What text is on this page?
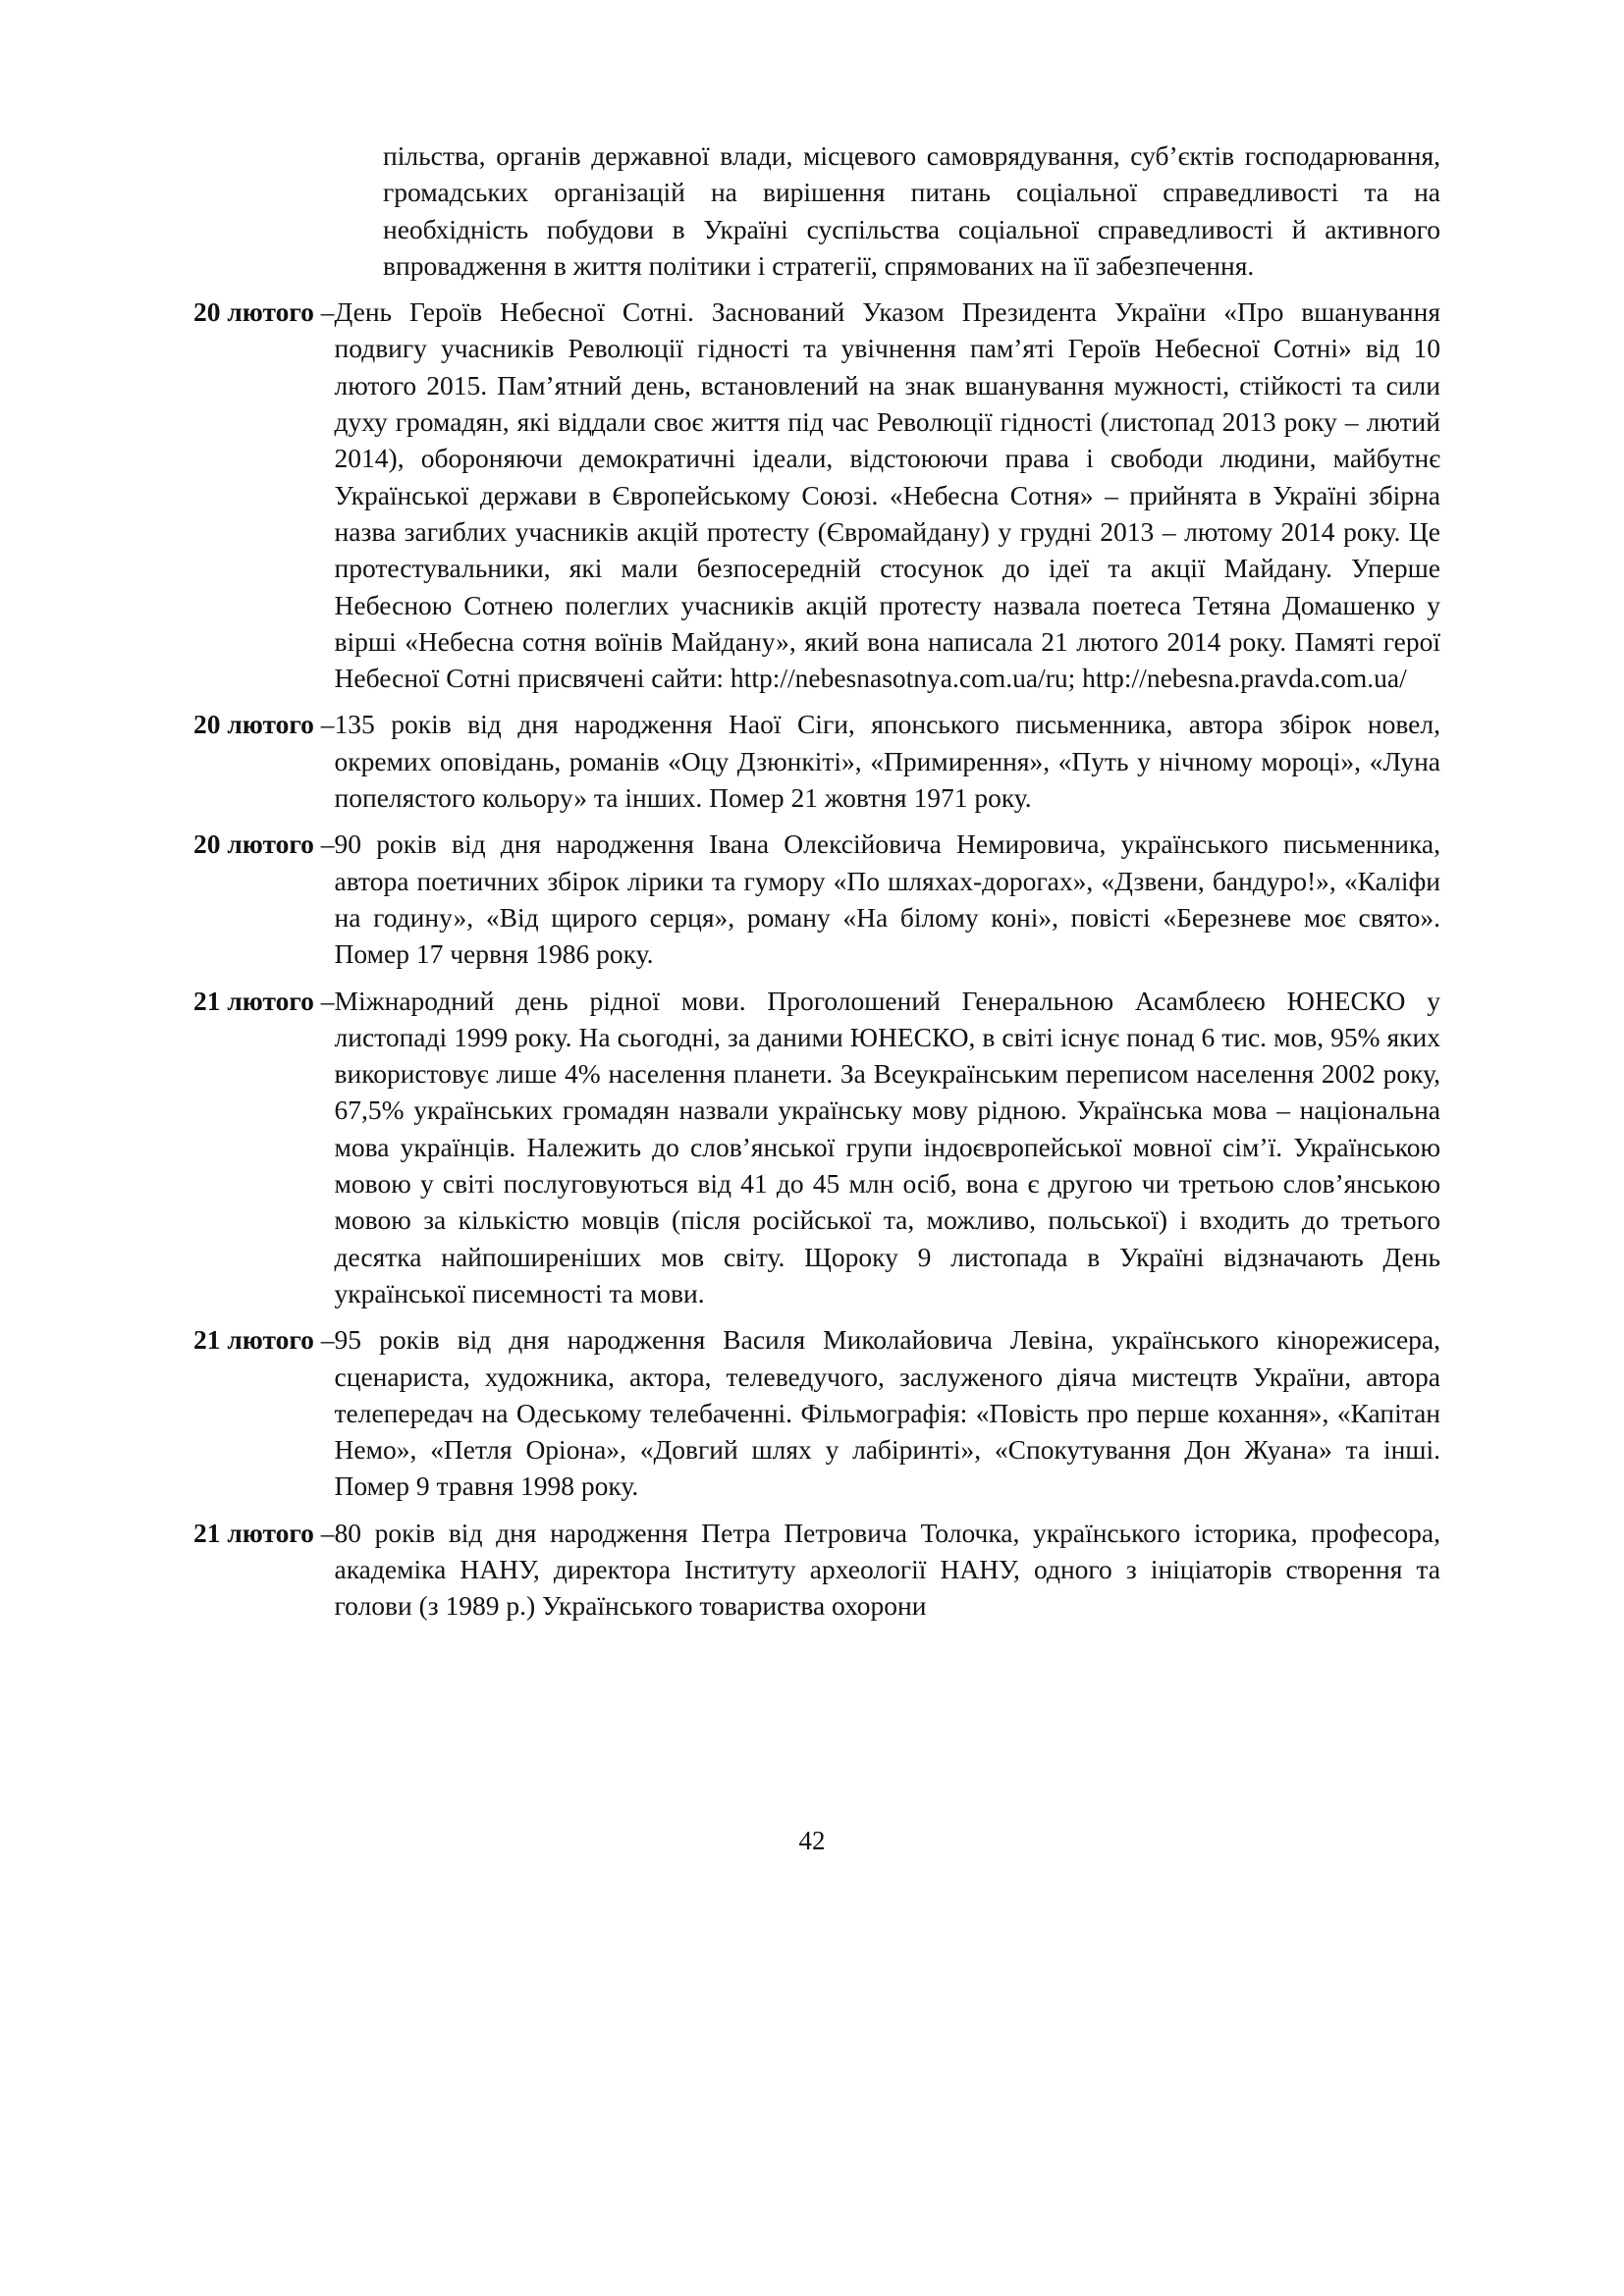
пільства, органів державної влади, місцевого самоврядування, суб’єктів господарювання, громадських організацій на вирішення питань соціальної справедливості та на необхідність побудови в Україні суспільства соціальної справедливості й активного впровадження в життя політики і стратегії, спрямованих на її забезпечення.
20 лютого – День Героїв Небесної Сотні. Заснований Указом Президента України «Про вшанування подвигу учасників Революції гідності та увічнення пам’яті Героїв Небесної Сотні» від 10 лютого 2015. Пам’ятний день, встановлений на знак вшанування мужності, стійкості та сили духу громадян, які віддали своє життя під час Революції гідності (листопад 2013 року – лютий 2014), обороняючи демократичні ідеали, відстоюючи права і свободи людини, майбутнє Української держави в Європейському Союзі. «Небесна Сотня» – прийнята в Україні збірна назва загиблих учасників акцій протесту (Євромайдану) у грудні 2013 – лютому 2014 року. Це протестувальники, які мали безпосередній стосунок до ідеї та акції Майдану. Уперше Небесною Сотнею полеглих учасників акцій протесту назвала поетеса Тетяна Домашенко у вірші «Небесна сотня воїнів Майдану», який вона написала 21 лютого 2014 року. Памяті герої Небесної Сотні присвячені сайти: http://nebesnasotnya.com.ua/ru; http://nebesna.pravda.com.ua/
20 лютого – 135 років від дня народження Наої Сіги, японського письменника, автора збірок новел, окремих оповідань, романів «Оцу Дзюнкіті», «Примирення», «Путь у нічному мороці», «Луна попелястого кольору» та інших. Помер 21 жовтня 1971 року.
20 лютого – 90 років від дня народження Івана Олексійовича Немировича, українського письменника, автора поетичних збірок лірики та гумору «По шляхах-дорогах», «Дзвени, бандуро!», «Каліфи на годину», «Від щирого серця», роману «На білому коні», повісті «Березневе моє свято». Помер 17 червня 1986 року.
21 лютого – Міжнародний день рідної мови. Проголошений Генеральною Асамблеєю ЮНЕСКО у листопаді 1999 року. На сьогодні, за даними ЮНЕСКО, в світі існує понад 6 тис. мов, 95% яких використовує лише 4% населення планети. За Всеукраїнським переписом населення 2002 року, 67,5% українських громадян назвали українську мову рідною. Українська мова – національна мова українців. Належить до слов’янської групи індоєвропейської мовної сім’ї. Українською мовою у світі послуговуються від 41 до 45 млн осіб, вона є другою чи третьою слов’янською мовою за кількістю мовців (після російської та, можливо, польської) і входить до третього десятка найпоширеніших мов світу. Щороку 9 листопада в Україні відзначають День української писемності та мови.
21 лютого – 95 років від дня народження Василя Миколайовича Левіна, українського кінорежисера, сценариста, художника, актора, телеведучого, заслуженого діяча мистецтв України, автора телепередач на Одеському телебаченні. Фільмографія: «Повість про перше кохання», «Капітан Немо», «Петля Оріона», «Довгий шлях у лабіринті», «Спокутування Дон Жуана» та інші. Помер 9 травня 1998 року.
21 лютого – 80 років від дня народження Петра Петровича Толочка, українського історика, професора, академіка НАНУ, директора Інституту археології НАНУ, одного з ініціаторів створення та голови (з 1989 р.) Українського товариства охорони
42
